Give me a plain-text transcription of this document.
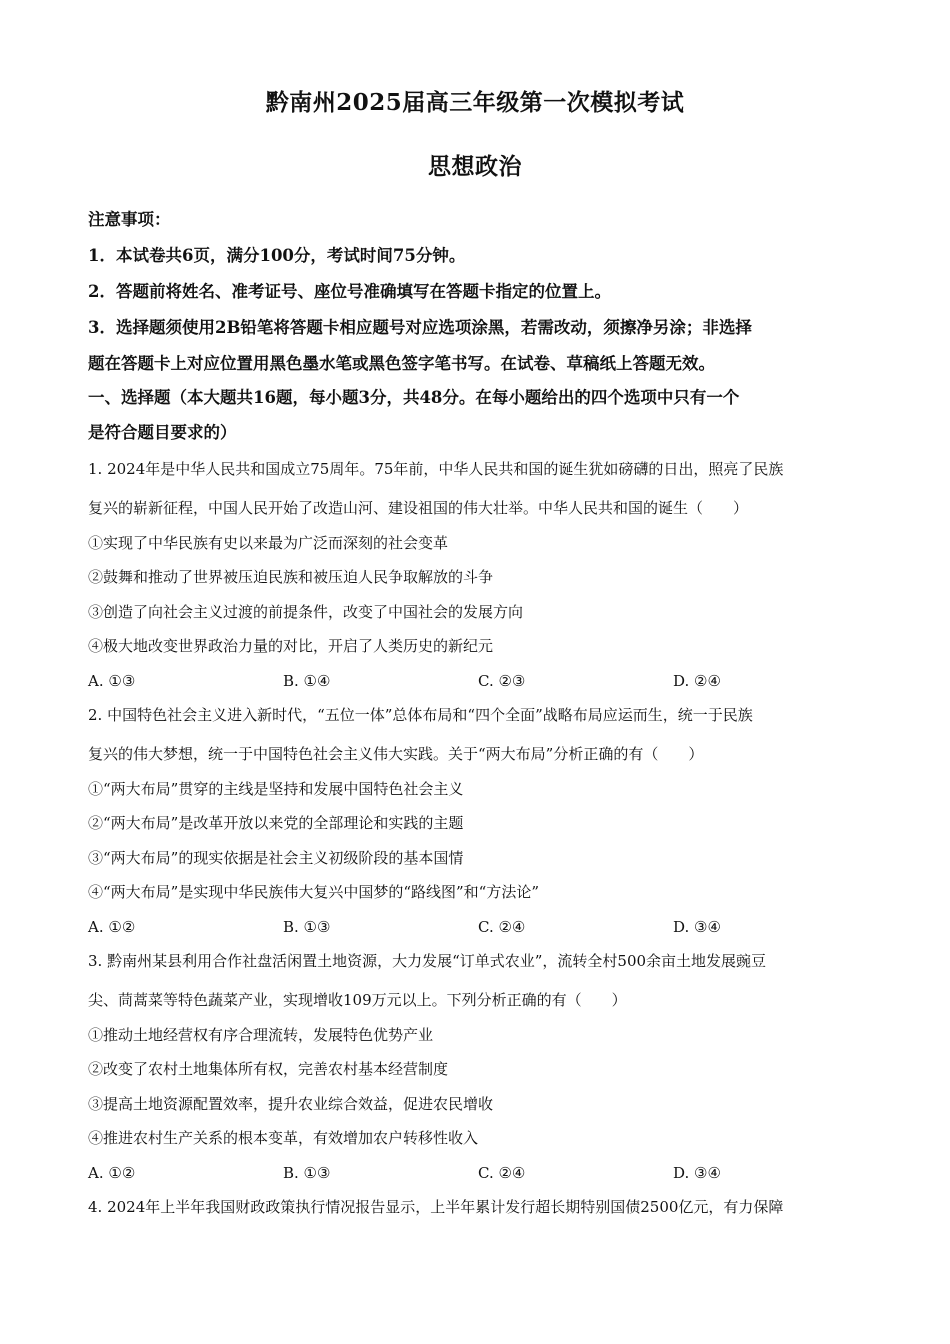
黔南州2025届高三年级第一次模拟考试
思想政治
注意事项：
1．本试卷共6页，满分100分，考试时间75分钟。
2．答题前将姓名、准考证号、座位号准确填写在答题卡指定的位置上。
3．选择题须使用2B铅笔将答题卡相应题号对应选项涂黑，若需改动，须擦净另涂；非选择
题在答题卡上对应位置用黑色墨水笔或黑色签字笔书写。在试卷、草稿纸上答题无效。
一、选择题（本大题共16题，每小题3分，共48分。在每小题给出的四个选项中只有一个
是符合题目要求的）
1. 2024年是中华人民共和国成立75周年。75年前，中华人民共和国的诞生犹如磅礴的日出，照亮了民族
复兴的崭新征程，中国人民开始了改造山河、建设祖国的伟大壮举。中华人民共和国的诞生（　　）
①实现了中华民族有史以来最为广泛而深刻的社会变革
②鼓舞和推动了世界被压迫民族和被压迫人民争取解放的斗争
③创造了向社会主义过渡的前提条件，改变了中国社会的发展方向
④极大地改变世界政治力量的对比，开启了人类历史的新纪元
A. ①③	B. ①④	C. ②③	D. ②④
2. 中国特色社会主义进入新时代，“五位一体”总体布局和“四个全面”战略布局应运而生，统一于民族
复兴的伟大梦想，统一于中国特色社会主义伟大实践。关于“两大布局”分析正确的有（　　）
①“两大布局”贯穿的主线是坚持和发展中国特色社会主义
②“两大布局”是改革开放以来党的全部理论和实践的主题
③“两大布局”的现实依据是社会主义初级阶段的基本国情
④“两大布局”是实现中华民族伟大复兴中国梦的“路线图”和“方法论”
A. ①②	B. ①③	C. ②④	D. ③④
3. 黔南州某县利用合作社盘活闲置土地资源，大力发展“订单式农业”，流转全村500余亩土地发展豌豆
尖、茼蒿菜等特色蔬菜产业，实现增收109万元以上。下列分析正确的有（　　）
①推动土地经营权有序合理流转，发展特色优势产业
②改变了农村土地集体所有权，完善农村基本经营制度
③提高土地资源配置效率，提升农业综合效益，促进农民增收
④推进农村生产关系的根本变革，有效增加农户转移性收入
A. ①②	B. ①③	C. ②④	D. ③④
4. 2024年上半年我国财政政策执行情况报告显示，上半年累计发行超长期特别国债2500亿元，有力保障
